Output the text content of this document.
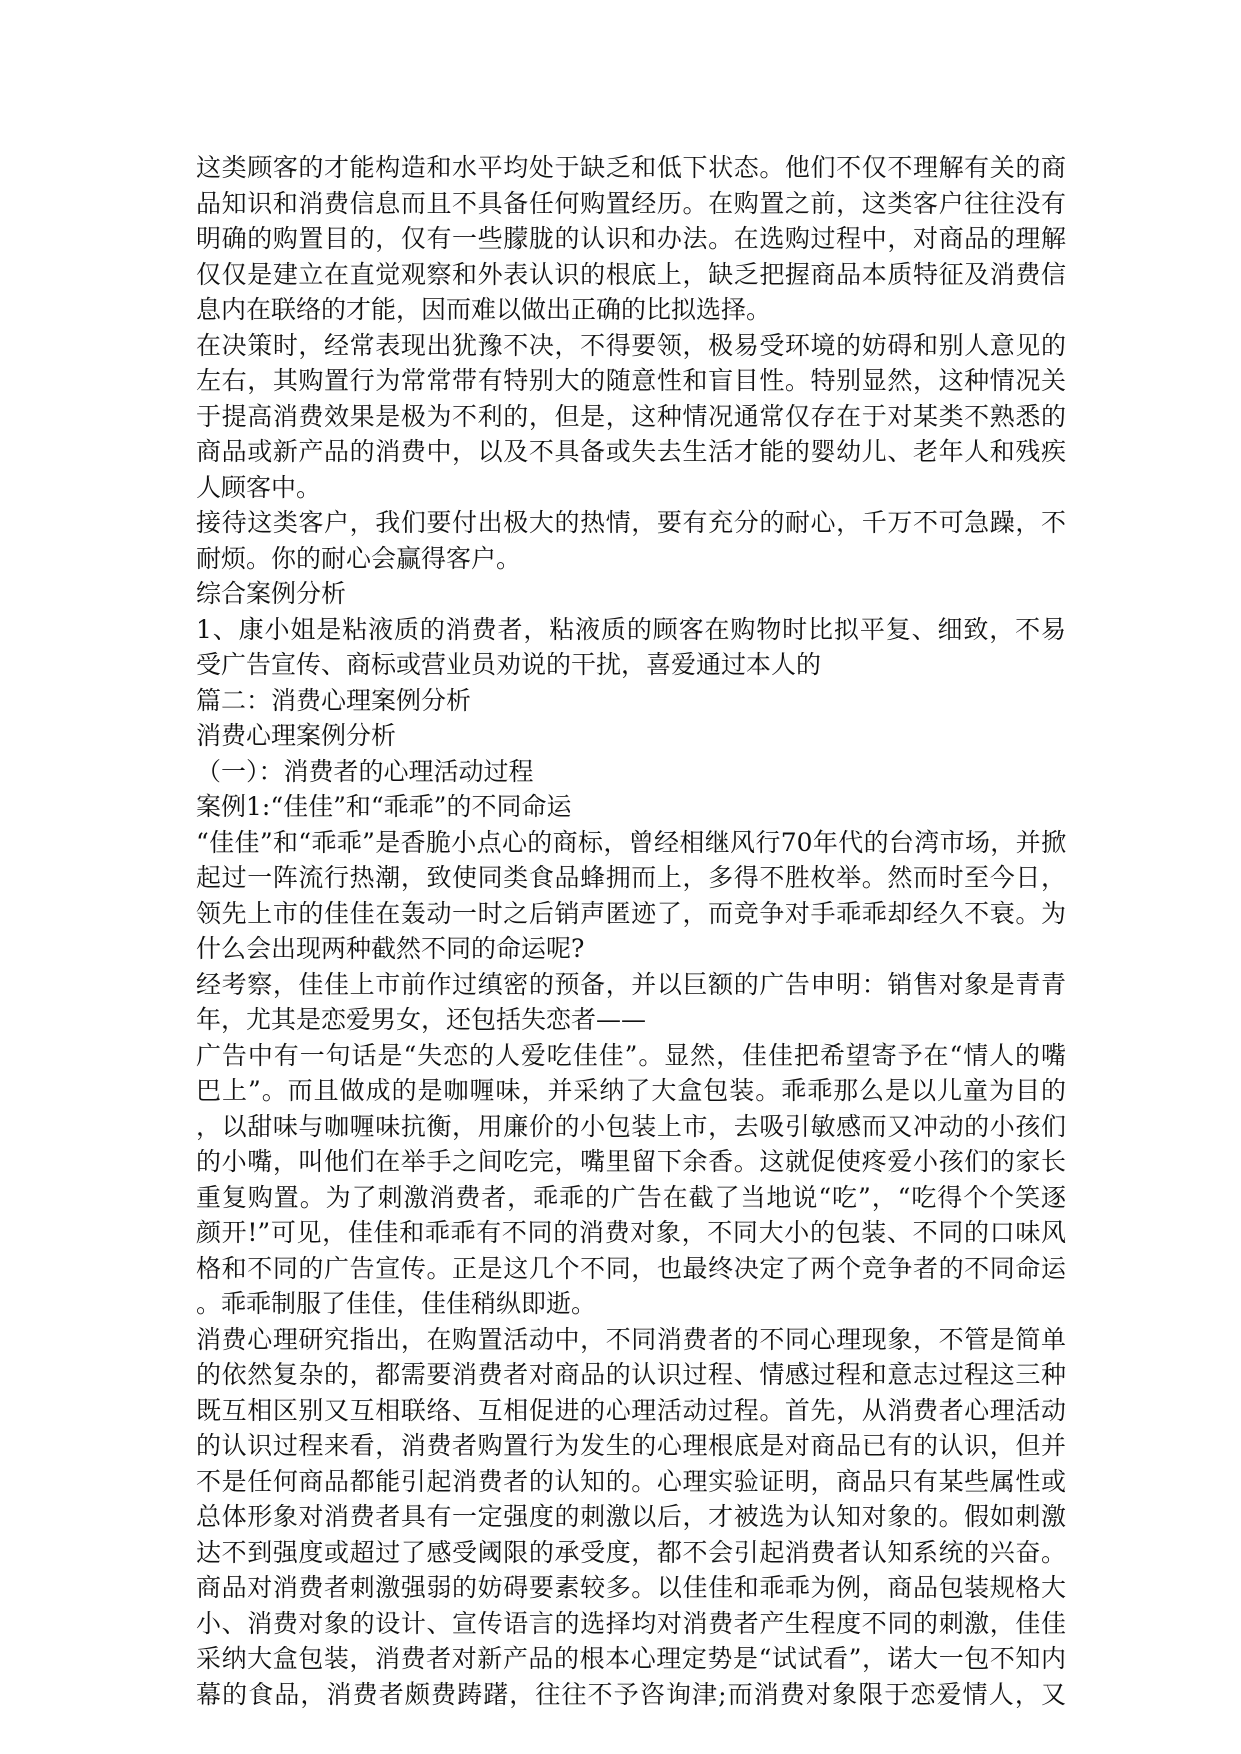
这类顾客的才能构造和水平均处于缺乏和低下状态。他们不仅不理解有关的商
品知识和消费信息而且不具备任何购置经历。在购置之前，这类客户往往没有
明确的购置目的，仅有一些朦胧的认识和办法。在选购过程中，对商品的理解
仅仅是建立在直觉观察和外表认识的根底上，缺乏把握商品本质特征及消费信
息内在联络的才能，因而难以做出正确的比拟选择。
在决策时，经常表现出犹豫不决，不得要领，极易受环境的妨碍和别人意见的
左右，其购置行为常常带有特别大的随意性和盲目性。特别显然，这种情况关
于提高消费效果是极为不利的，但是，这种情况通常仅存在于对某类不熟悉的
商品或新产品的消费中，以及不具备或失去生活才能的婴幼儿、老年人和残疾
人顾客中。
接待这类客户，我们要付出极大的热情，要有充分的耐心，千万不可急躁，不
耐烦。你的耐心会赢得客户。
综合案例分析
1、康小姐是粘液质的消费者，粘液质的顾客在购物时比拟平复、细致，不易
受广告宣传、商标或营业员劝说的干扰，喜爱通过本人的
篇二：消费心理案例分析
消费心理案例分析
（一）：消费者的心理活动过程
案例1:“佳佳”和“乖乖”的不同命运
“佳佳”和“乖乖”是香脆小点心的商标，曾经相继风行70年代的台湾市场，并掀
起过一阵流行热潮，致使同类食品蜂拥而上，多得不胜枚举。然而时至今日，
领先上市的佳佳在轰动一时之后销声匿迹了，而竞争对手乖乖却经久不衰。为
什么会出现两种截然不同的命运呢?
经考察，佳佳上市前作过缜密的预备，并以巨额的广告申明：销售对象是青青
年，尤其是恋爱男女，还包括失恋者——
广告中有一句话是“失恋的人爱吃佳佳”。显然，佳佳把希望寄予在“情人的嘴
巴上”。而且做成的是咖喱味，并采纳了大盒包装。乖乖那么是以儿童为目的
，以甜味与咖喱味抗衡，用廉价的小包装上市，去吸引敏感而又冲动的小孩们
的小嘴，叫他们在举手之间吃完，嘴里留下余香。这就促使疼爱小孩们的家长
重复购置。为了刺激消费者，乖乖的广告在截了当地说“吃”，“吃得个个笑逐
颜开!”可见，佳佳和乖乖有不同的消费对象，不同大小的包装、不同的口味风
格和不同的广告宣传。正是这几个不同，也最终决定了两个竞争者的不同命运
。乖乖制服了佳佳，佳佳稍纵即逝。
消费心理研究指出，在购置活动中，不同消费者的不同心理现象，不管是简单
的依然复杂的，都需要消费者对商品的认识过程、情感过程和意志过程这三种
既互相区别又互相联络、互相促进的心理活动过程。首先，从消费者心理活动
的认识过程来看，消费者购置行为发生的心理根底是对商品已有的认识，但并
不是任何商品都能引起消费者的认知的。心理实验证明，商品只有某些属性或
总体形象对消费者具有一定强度的刺激以后，才被选为认知对象的。假如刺激
达不到强度或超过了感受阈限的承受度，都不会引起消费者认知系统的兴奋。
商品对消费者刺激强弱的妨碍要素较多。以佳佳和乖乖为例，商品包装规格大
小、消费对象的设计、宣传语言的选择均对消费者产生程度不同的刺激，佳佳
采纳大盒包装，消费者对新产品的根本心理定势是“试试看”，诺大一包不知内
幕的食品，消费者颇费踌躇，往往不予咨询津;而消费对象限于恋爱情人，又
